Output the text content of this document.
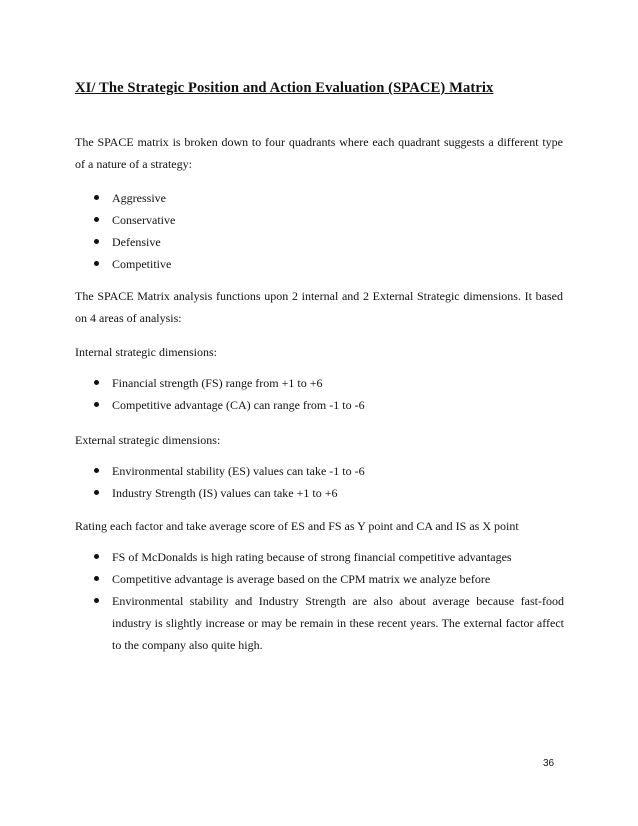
XI/ The Strategic Position and Action Evaluation (SPACE) Matrix
The SPACE matrix is broken down to four quadrants where each quadrant suggests a different type of a nature of a strategy:
Aggressive
Conservative
Defensive
Competitive
The SPACE Matrix analysis functions upon 2 internal and 2 External Strategic dimensions. It based on 4 areas of analysis:
Internal strategic dimensions:
Financial strength (FS) range from +1 to +6
Competitive advantage (CA) can range from -1 to -6
External strategic dimensions:
Environmental stability (ES) values can take -1 to -6
Industry Strength (IS) values can take +1 to +6
Rating each factor and take average score of ES and FS as Y point and CA and IS as X point
FS of McDonalds is high rating because of strong financial competitive advantages
Competitive advantage is average based on the CPM matrix we analyze before
Environmental stability and Industry Strength are also about average because fast-food industry is slightly increase or may be remain in these recent years. The external factor affect to the company also quite high.
36
